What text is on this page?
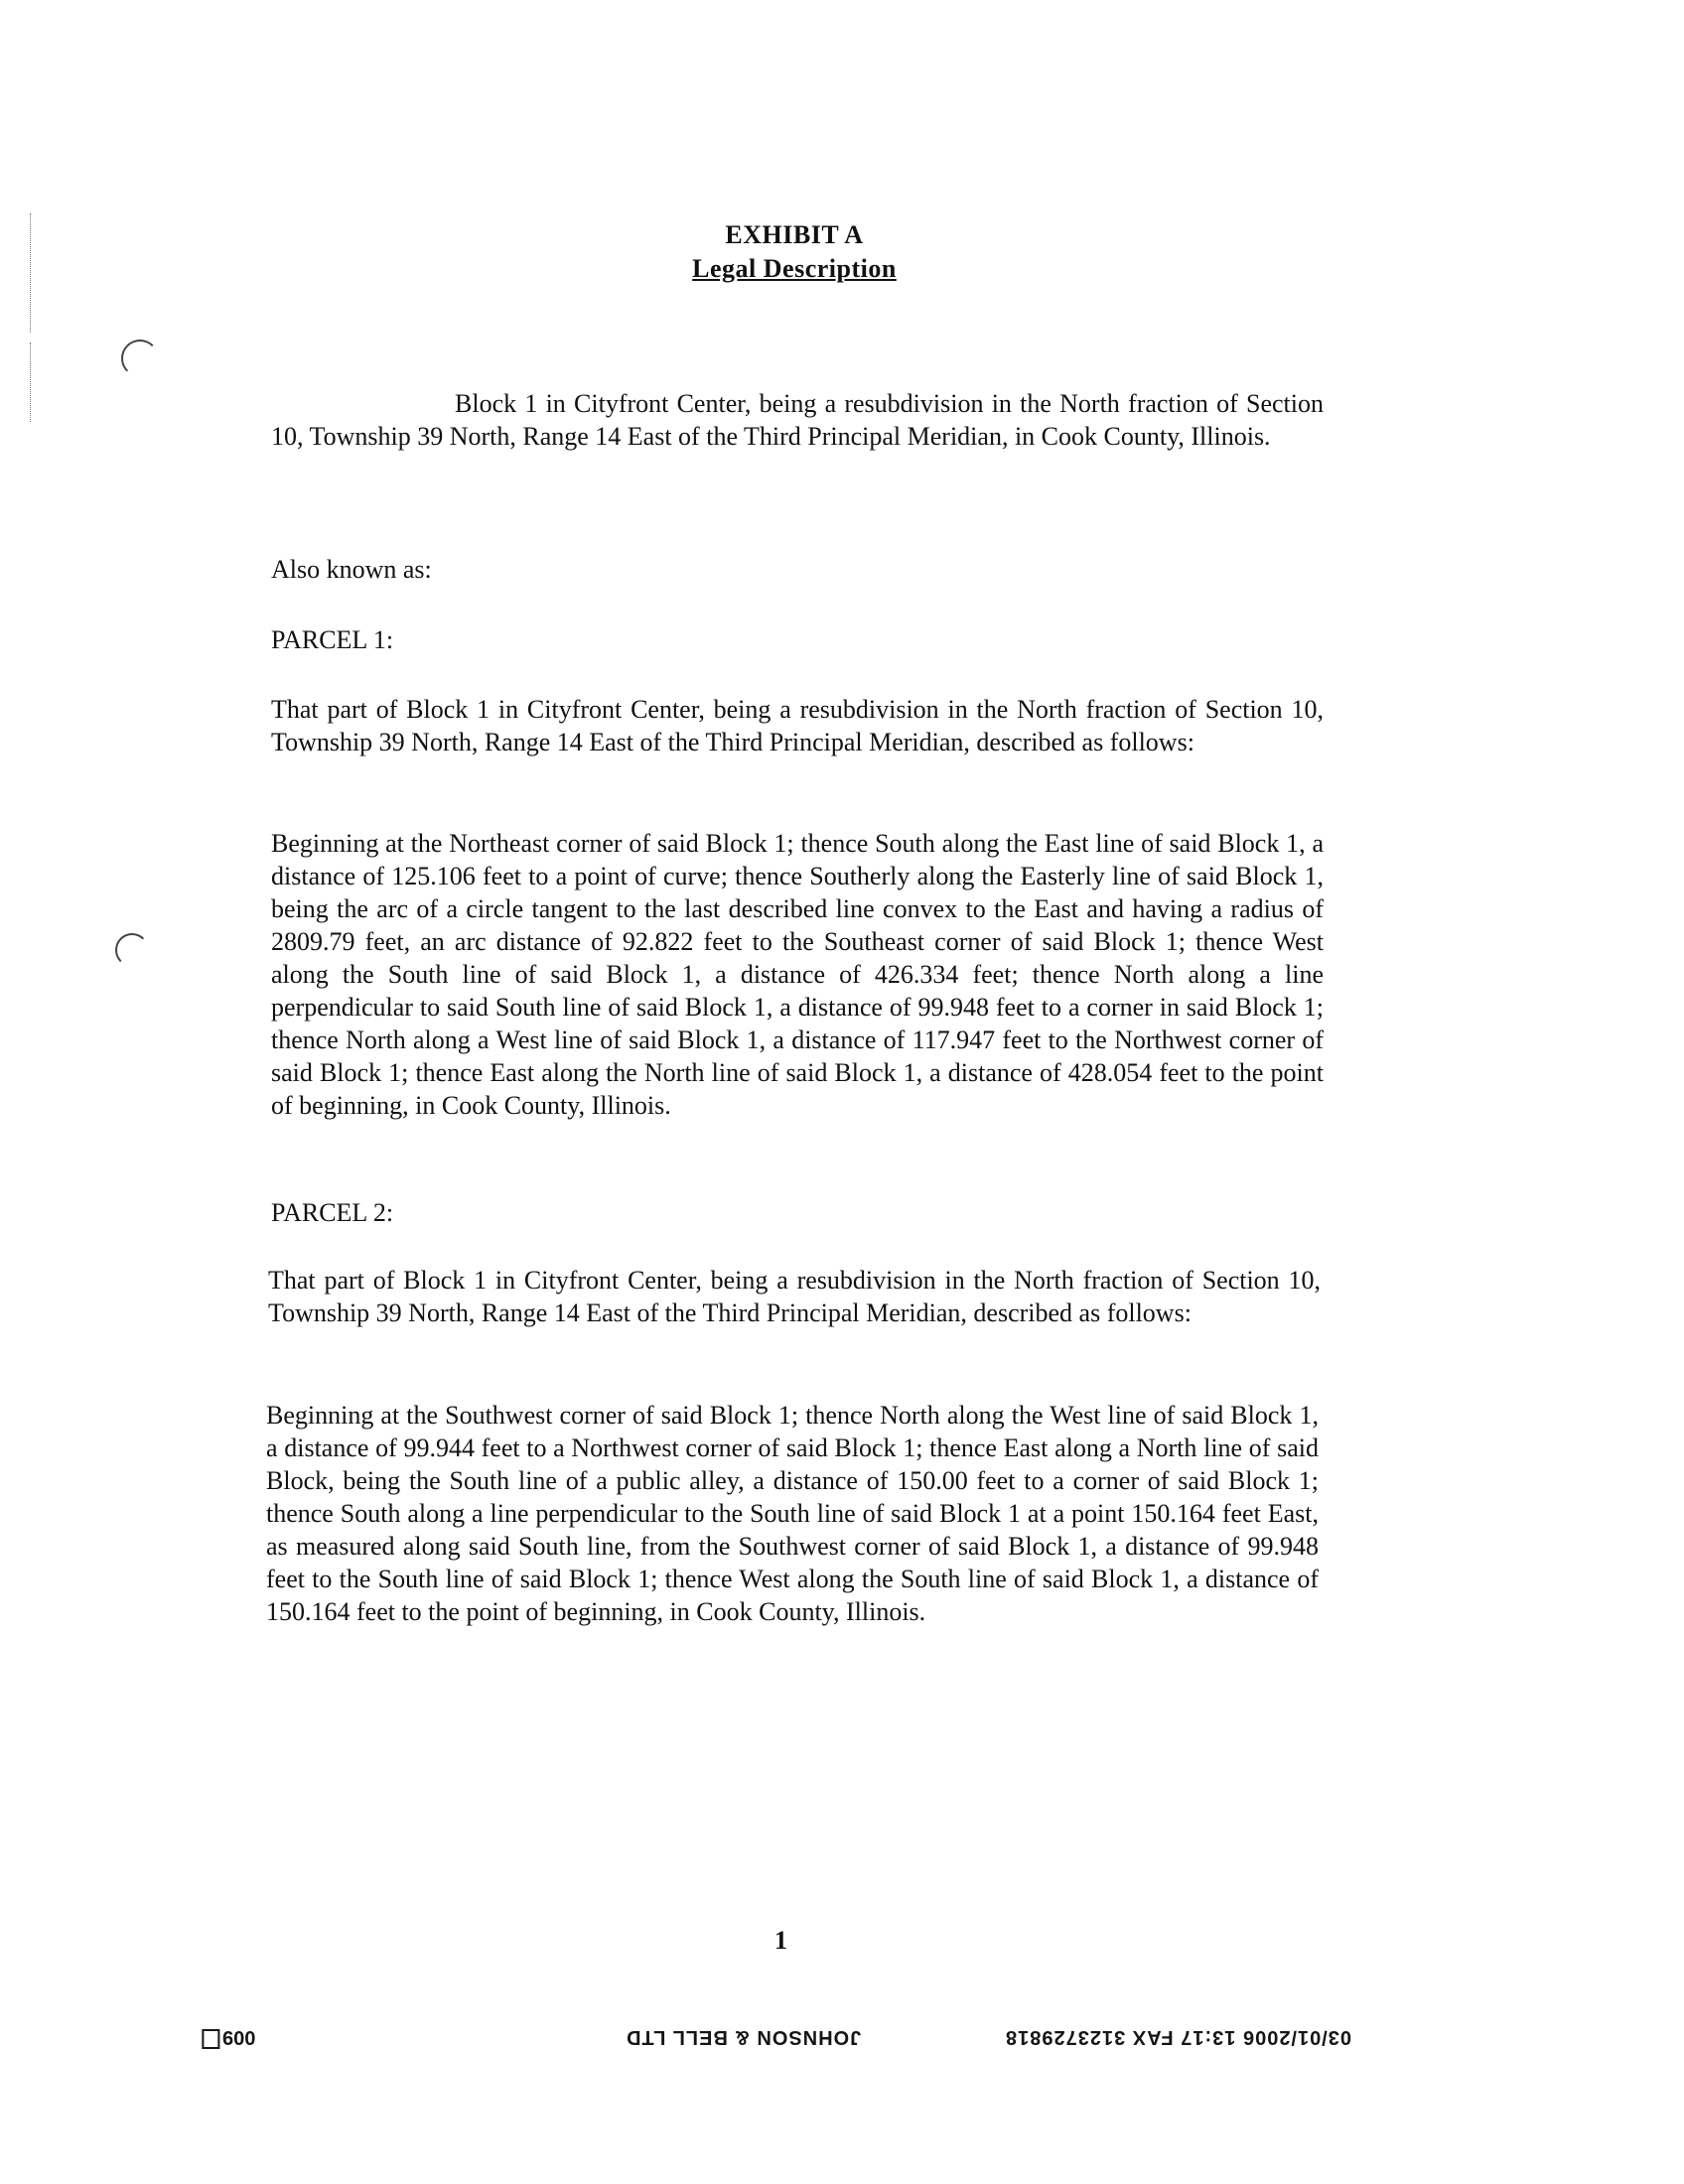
EXHIBIT A
Legal Description

Block 1 in Cityfront Center, being a resubdivision in the North fraction of Section 10, Township 39 North, Range 14 East of the Third Principal Meridian, in Cook County, Illinois.

Also known as:

PARCEL 1:

That part of Block 1 in Cityfront Center, being a resubdivision in the North fraction of Section 10, Township 39 North, Range 14 East of the Third Principal Meridian, described as follows:

Beginning at the Northeast corner of said Block 1; thence South along the East line of said Block 1, a distance of 125.106 feet to a point of curve; thence Southerly along the Easterly line of said Block 1, being the arc of a circle tangent to the last described line convex to the East and having a radius of 2809.79 feet, an arc distance of 92.822 feet to the Southeast corner of said Block 1; thence West along the South line of said Block 1, a distance of 426.334 feet; thence North along a line perpendicular to said South line of said Block 1, a distance of 99.948 feet to a corner in said Block 1; thence North along a West line of said Block 1, a distance of 117.947 feet to the Northwest corner of said Block 1; thence East along the North line of said Block 1, a distance of 428.054 feet to the point of beginning, in Cook County, Illinois.

PARCEL 2:

That part of Block 1 in Cityfront Center, being a resubdivision in the North fraction of Section 10, Township 39 North, Range 14 East of the Third Principal Meridian, described as follows:

Beginning at the Southwest corner of said Block 1; thence North along the West line of said Block 1, a distance of 99.944 feet to a Northwest corner of said Block 1; thence East along a North line of said Block, being the South line of a public alley, a distance of 150.00 feet to a corner of said Block 1; thence South along a line perpendicular to the South line of said Block 1 at a point 150.164 feet East, as measured along said South line, from the Southwest corner of said Block 1, a distance of 99.948 feet to the South line of said Block 1; thence West along the South line of said Block 1, a distance of 150.164 feet to the point of beginning, in Cook County, Illinois.

1
03/01/2006 13:17 FAX 3123729818
JOHNSON & BELL LTD
009
